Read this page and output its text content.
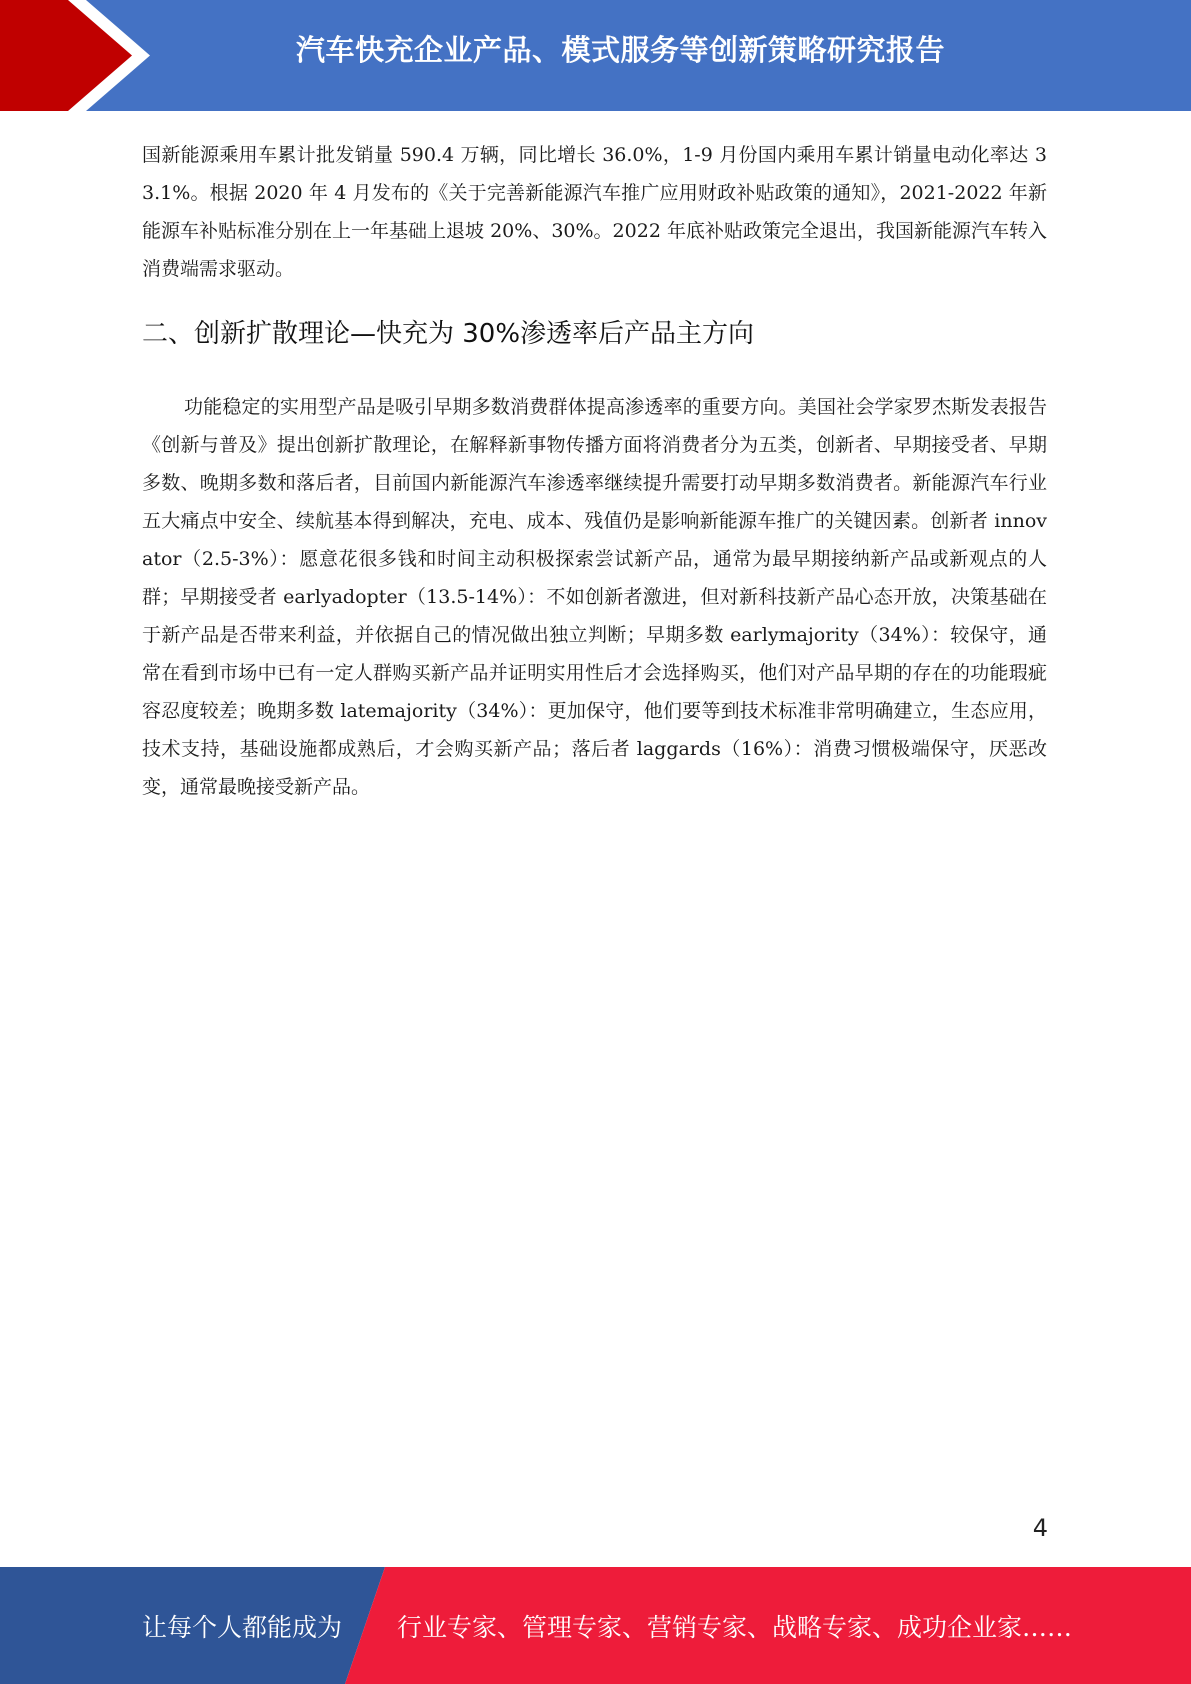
汽车快充企业产品、模式服务等创新策略研究报告

国新能源乘用车累计批发销量 590.4 万辆，同比增长 36.0%，1-9 月份国内乘用车累计销量电动化率达 33.1%。根据 2020 年 4 月发布的《关于完善新能源汽车推广应用财政补贴政策的通知》，2021-2022 年新能源车补贴标准分别在上一年基础上退坡 20%、30%。2022 年底补贴政策完全退出，我国新能源汽车转入消费端需求驱动。

二、创新扩散理论—快充为 30%渗透率后产品主方向

功能稳定的实用型产品是吸引早期多数消费群体提高渗透率的重要方向。美国社会学家罗杰斯发表报告《创新与普及》提出创新扩散理论，在解释新事物传播方面将消费者分为五类，创新者、早期接受者、早期多数、晚期多数和落后者，目前国内新能源汽车渗透率继续提升需要打动早期多数消费者。新能源汽车行业五大痛点中安全、续航基本得到解决，充电、成本、残值仍是影响新能源车推广的关键因素。创新者 innovator（2.5-3%）：愿意花很多钱和时间主动积极探索尝试新产品，通常为最早期接纳新产品或新观点的人群；早期接受者 earlyadopter（13.5-14%）：不如创新者激进，但对新科技新产品心态开放，决策基础在于新产品是否带来利益，并依据自己的情况做出独立判断；早期多数 earlymajority（34%）：较保守，通常在看到市场中已有一定人群购买新产品并证明实用性后才会选择购买，他们对产品早期的存在的功能瑕疵容忍度较差；晚期多数 latemajority（34%）：更加保守，他们要等到技术标准非常明确建立，生态应用，技术支持，基础设施都成熟后，才会购买新产品；落后者 laggards（16%）：消费习惯极端保守，厌恶改变，通常最晚接受新产品。

4
让每个人都能成为 行业专家、管理专家、营销专家、战略专家、成功企业家……
